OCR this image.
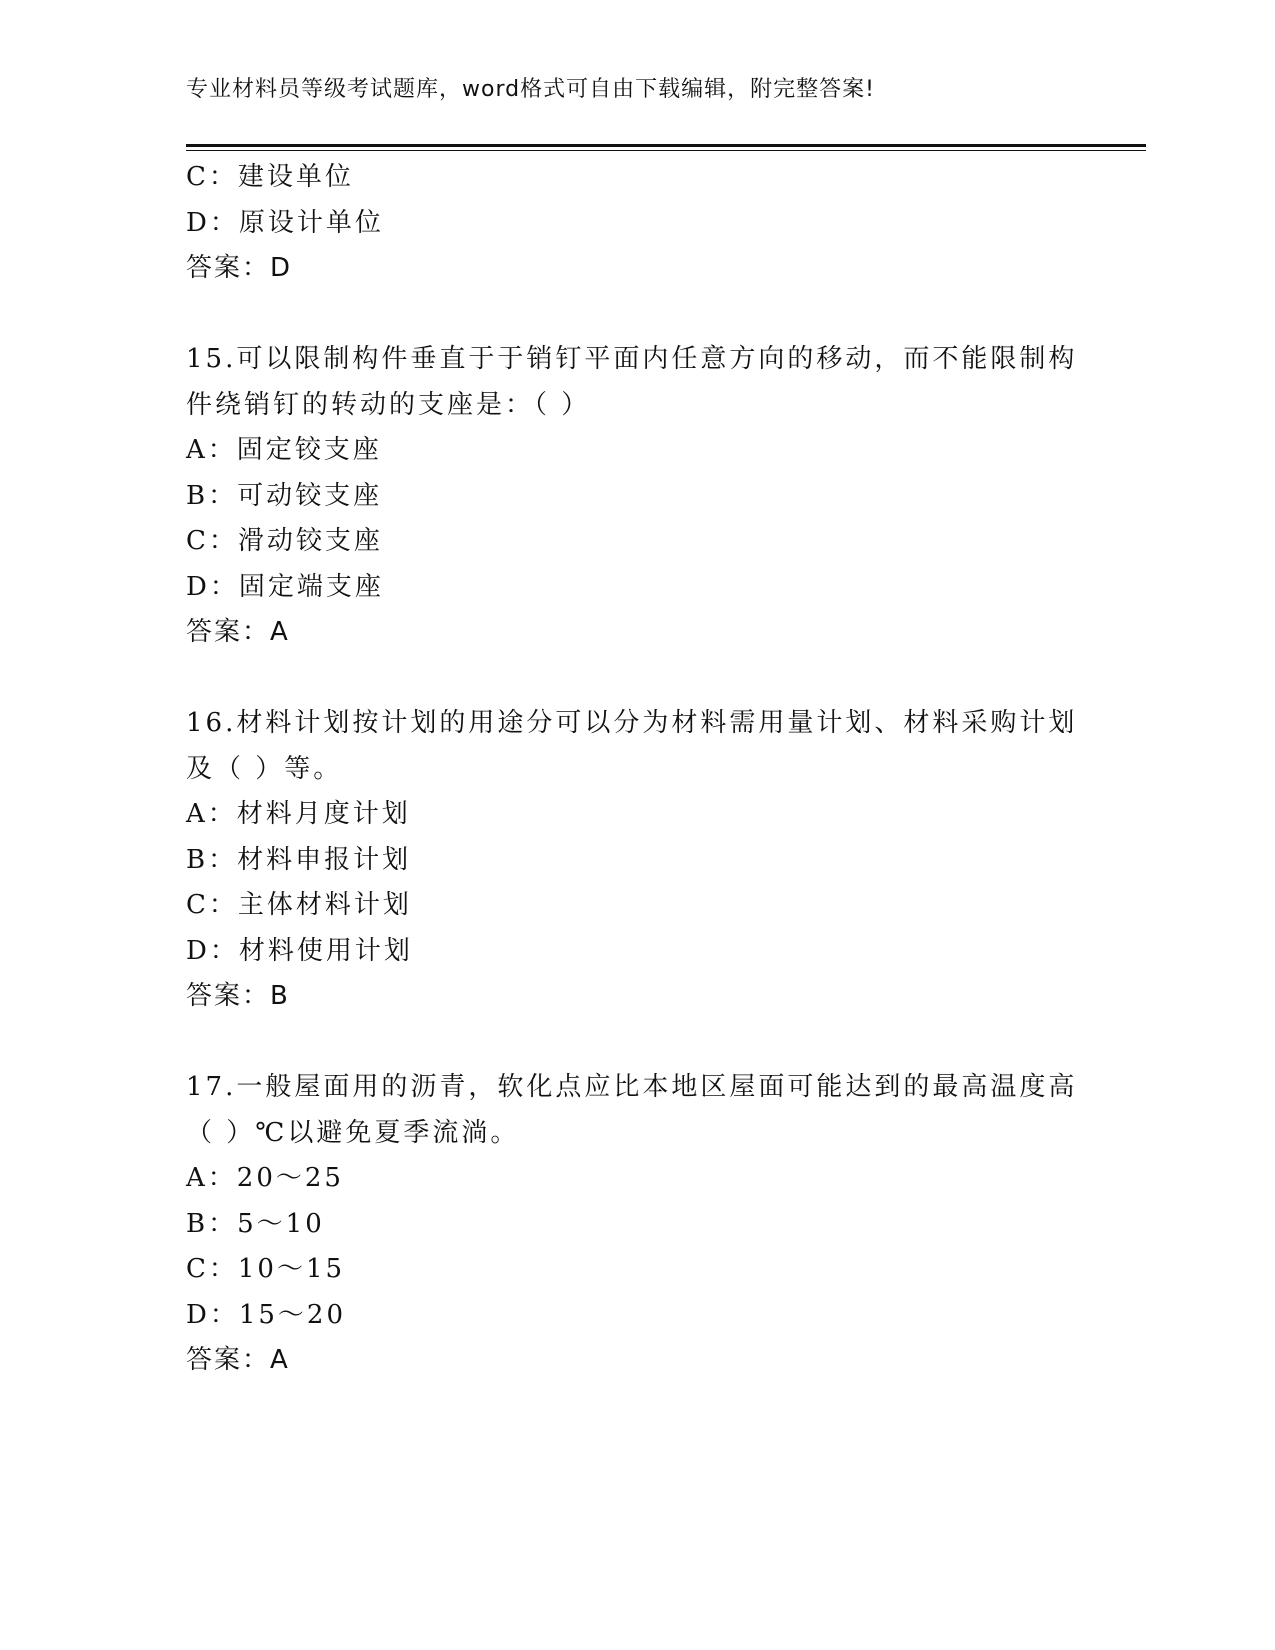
专业材料员等级考试题库，word格式可自由下载编辑，附完整答案!
C：建设单位
D：原设计单位
答案：D
15.可以限制构件垂直于于销钉平面内任意方向的移动，而不能限制构
件绕销钉的转动的支座是：（ ）
A：固定铰支座
B：可动铰支座
C：滑动铰支座
D：固定端支座
答案：A
16.材料计划按计划的用途分可以分为材料需用量计划、材料采购计划
及（ ）等。
A：材料月度计划
B：材料申报计划
C：主体材料计划
D：材料使用计划
答案：B
17.一般屋面用的沥青，软化点应比本地区屋面可能达到的最高温度高
（ ）℃以避免夏季流淌。
A：20～25
B：5～10
C：10～15
D：15～20
答案：A
